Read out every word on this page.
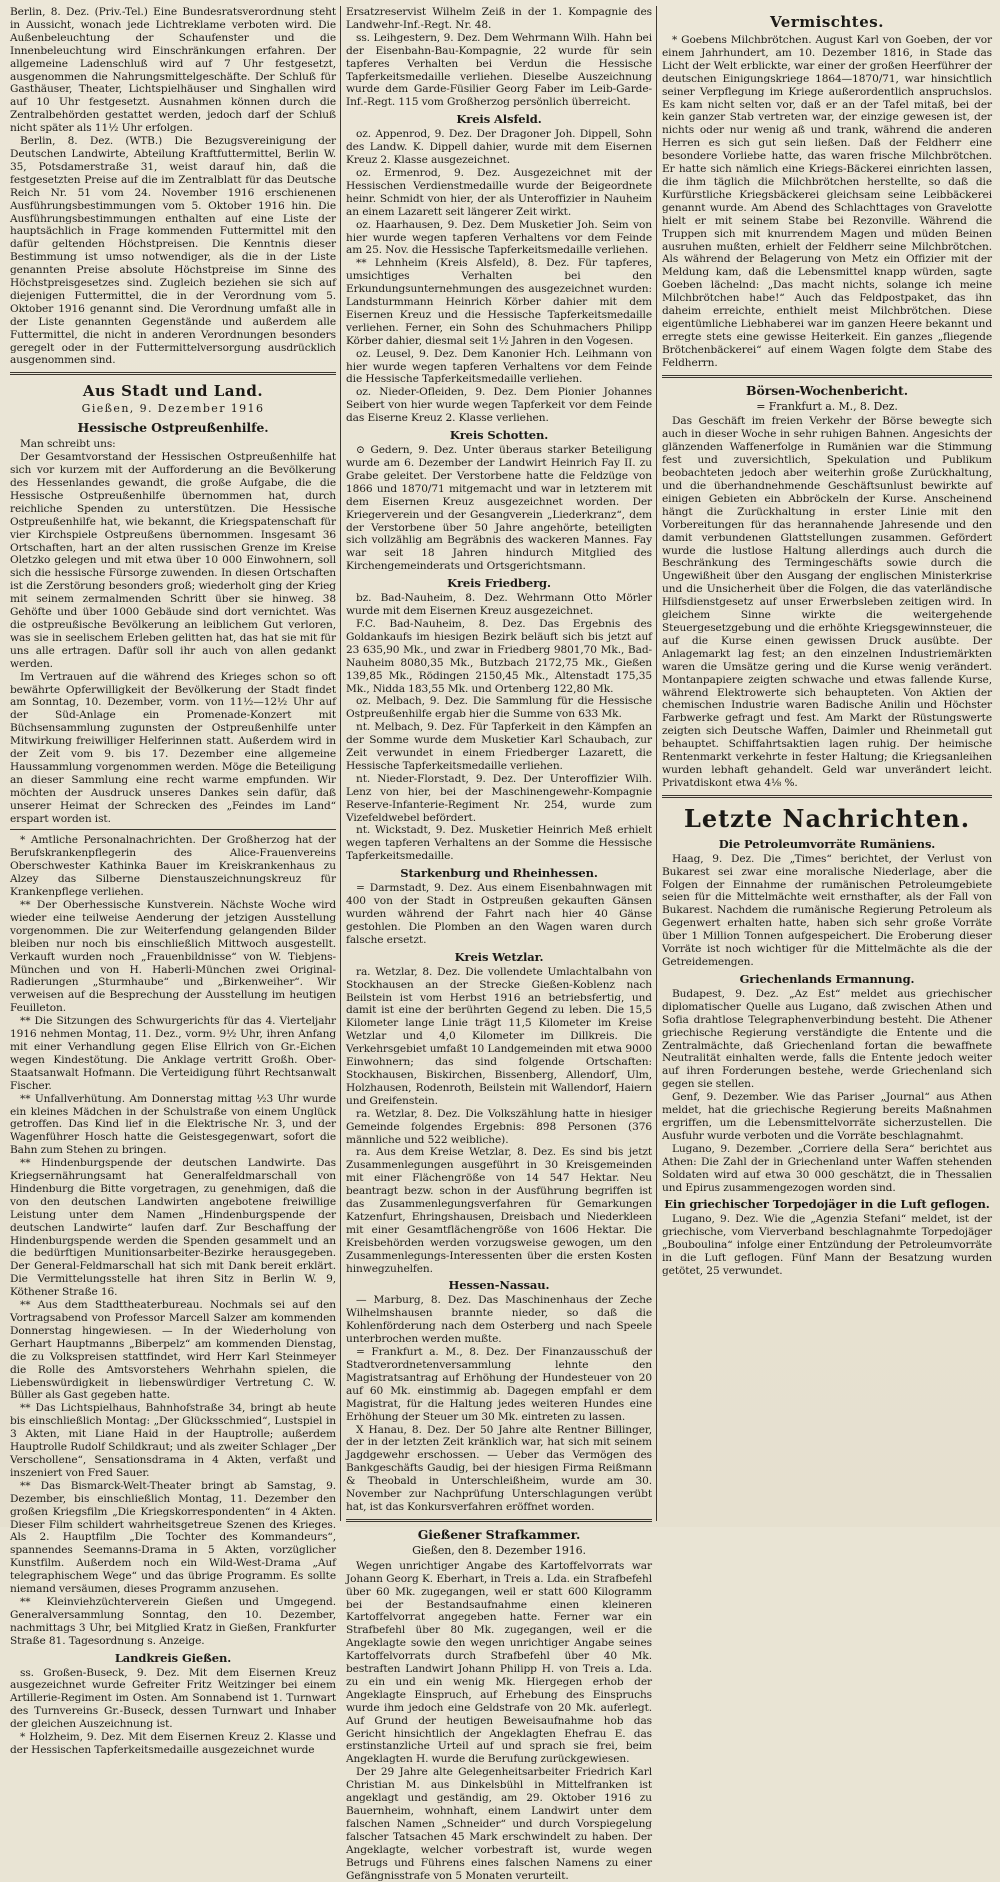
Berlin, 8. Dez. (Priv.-Tel.) Eine Bundesratsverordnung steht in Aussicht, wonach jede Lichtreklame verboten wird. Die Außenbeleuchtung der Schaufenster und die Innenbeleuchtung wird Einschränkungen erfahren. Der allgemeine Ladenschluß wird auf 7 Uhr festgesetzt, ausgenommen die Nahrungsmittelgeschäfte. Der Schluß für Gasthäuser, Theater, Lichtspielhäuser und Singhallen wird auf 10 Uhr festgesetzt. Ausnahmen können durch die Zentralbehörden gestattet werden, jedoch darf der Schluß nicht später als 11½ Uhr erfolgen.

Berlin, 8. Dez. (WTB.) Die Bezugsvereinigung der Deutschen Landwirte, Abteilung Kraftfuttermittel, Berlin W. 35, Potsdamerstraße 31, weist darauf hin, daß die festgesetzten Preise auf die im Zentralblatt für das Deutsche Reich Nr. 51 vom 24. November 1916 erschienenen Ausführungsbestimmungen vom 5. Oktober 1916 hin. Die Ausführungsbestimmungen enthalten auf eine Liste der hauptsächlich in Frage kommenden Futtermittel mit den dafür geltenden Höchstpreisen. Die Kenntnis dieser Bestimmung ist umso notwendiger, als die in der Liste genannten Preise absolute Höchstpreise im Sinne des Höchstpreisgesetzes sind. Zugleich beziehen sie sich auf diejenigen Futtermittel, die in der Verordnung vom 5. Oktober 1916 genannt sind. Die Verordnung umfaßt alle in der Liste genannten Gegenstände und außerdem alle Futtermittel, die nicht in anderen Verordnungen besonders geregelt oder in der Futtermittelversorgung ausdrücklich ausgenommen sind.

Aus Stadt und Land.
Gießen, 9. Dezember 1916
Hessische Ostpreußenhilfe.

Man schreibt uns:

Der Gesamtvorstand der Hessischen Ostpreußenhilfe hat sich vor kurzem mit der Aufforderung an die Bevölkerung des Hessenlandes gewandt, die große Aufgabe, die die Hessische Ostpreußenhilfe übernommen hat, durch reichliche Spenden zu unterstützen. Die Hessische Ostpreußenhilfe hat, wie bekannt, die Kriegspatenschaft für vier Kirchspiele Ostpreußens übernommen. Insgesamt 36 Ortschaften, hart an der alten russischen Grenze im Kreise Oletzko gelegen und mit etwa über 10 000 Einwohnern, soll sich die hessische Fürsorge zuwenden. In diesen Ortschaften ist die Zerstörung besonders groß; wiederholt ging der Krieg mit seinem zermalmenden Schritt über sie hinweg. 38 Gehöfte und über 1000 Gebäude sind dort vernichtet. Was die ostpreußische Bevölkerung an leiblichem Gut verloren, was sie in seelischem Erleben gelitten hat, das hat sie mit für uns alle ertragen. Dafür soll ihr auch von allen gedankt werden.

Im Vertrauen auf die während des Krieges schon so oft bewährte Opferwilligkeit der Bevölkerung der Stadt findet am Sonntag, 10. Dezember, vorm. von 11½—12½ Uhr auf der Süd-Anlage ein Promenade-Konzert mit Büchsensammlung zugunsten der Ostpreußenhilfe unter Mitwirkung freiwilliger Helferinnen statt. Außerdem wird in der Zeit vom 9. bis 17. Dezember eine allgemeine Haussammlung vorgenommen werden. Möge die Beteiligung an dieser Sammlung eine recht warme empfunden. Wir möchten der Ausdruck unseres Dankes sein dafür, daß unserer Heimat der Schrecken des „Feindes im Land“ erspart worden ist.

* Amtliche Personalnachrichten. Der Großherzog hat der Berufskrankenpflegerin des Alice-Frauenvereins Oberschwester Kathinka Bauer im Kreiskrankenhaus zu Alzey das Silberne Dienstauszeichnungskreuz für Krankenpflege verliehen.

** Der Oberhessische Kunstverein. Nächste Woche wird wieder eine teilweise Aenderung der jetzigen Ausstellung vorgenommen. Die zur Weiterfendung gelangenden Bilder bleiben nur noch bis einschließlich Mittwoch ausgestellt. Verkauft wurden noch „Frauenbildnisse“ von W. Tiebjens-München und von H. Haberli-München zwei Original-Radierungen „Sturmhaube“ und „Birkenweiher“. Wir verweisen auf die Besprechung der Ausstellung im heutigen Feuilleton.

** Die Sitzungen des Schwurgerichts für das 4. Vierteljahr 1916 nehmen Montag, 11. Dez., vorm. 9½ Uhr, ihren Anfang mit einer Verhandlung gegen Elise Ellrich von Gr.-Eichen wegen Kindestötung. Die Anklage vertritt Großh. Ober-Staatsanwalt Hofmann. Die Verteidigung führt Rechtsanwalt Fischer.

** Unfallverhütung. Am Donnerstag mittag ½3 Uhr wurde ein kleines Mädchen in der Schulstraße von einem Unglück getroffen. Das Kind lief in die Elektrische Nr. 3, und der Wagenführer Hosch hatte die Geistesgegenwart, sofort die Bahn zum Stehen zu bringen.

** Hindenburgspende der deutschen Landwirte. Das Kriegsernährungsamt hat Generalfeldmarschall von Hindenburg die Bitte vorgetragen, zu genehmigen, daß die von den deutschen Landwirten angebotene freiwillige Leistung unter dem Namen „Hindenburgspende der deutschen Landwirte“ laufen darf. Zur Beschaffung der Hindenburgspende werden die Spenden gesammelt und an die bedürftigen Munitionsarbeiter-Bezirke herausgegeben. Der General-Feldmarschall hat sich mit Dank bereit erklärt. Die Vermittelungsstelle hat ihren Sitz in Berlin W. 9, Köthener Straße 16.

** Aus dem Stadttheaterbureau. Nochmals sei auf den Vortragsabend von Professor Marcell Salzer am kommenden Donnerstag hingewiesen. — In der Wiederholung von Gerhart Hauptmanns „Biberpelz“ am kommenden Dienstag, die zu Volkspreisen stattfindet, wird Herr Karl Steinmeyer die Rolle des Amtsvorstehers Wehrhahn spielen, die Liebenswürdigkeit in liebenswürdiger Vertretung C. W. Büller als Gast gegeben hatte.

** Das Lichtspielhaus, Bahnhofstraße 34, bringt ab heute bis einschließlich Montag: „Der Glücksschmied“, Lustspiel in 3 Akten, mit Liane Haid in der Hauptrolle; außerdem Hauptrolle Rudolf Schildkraut; und als zweiter Schlager „Der Verschollene“, Sensationsdrama in 4 Akten, verfaßt und inszeniert von Fred Sauer.

** Das Bismarck-Welt-Theater bringt ab Samstag, 9. Dezember, bis einschließlich Montag, 11. Dezember den großen Kriegsfilm „Die Kriegskorrespondenten“ in 4 Akten. Dieser Film schildert wahrheitsgetreue Szenen des Krieges. Als 2. Hauptfilm „Die Tochter des Kommandeurs“, spannendes Seemanns-Drama in 5 Akten, vorzüglicher Kunstfilm. Außerdem noch ein Wild-West-Drama „Auf telegraphischem Wege“ und das übrige Programm. Es sollte niemand versäumen, dieses Programm anzusehen.

** Kleinviehzüchterverein Gießen und Umgegend. Generalversammlung Sonntag, den 10. Dezember, nachmittags 3 Uhr, bei Mitglied Kratz in Gießen, Frankfurter Straße 81. Tagesordnung s. Anzeige.

Landkreis Gießen.

ss. Großen-Buseck, 9. Dez. Mit dem Eisernen Kreuz ausgezeichnet wurde Gefreiter Fritz Weitzinger bei einem Artillerie-Regiment im Osten. Am Sonnabend ist 1. Turnwart des Turnvereins Gr.-Buseck, dessen Turnwart und Inhaber der gleichen Auszeichnung ist.

* Holzheim, 9. Dez. Mit dem Eisernen Kreuz 2. Klasse und der Hessischen Tapferkeitsmedaille ausgezeichnet wurde

Ersatzreservist Wilhelm Zeiß in der 1. Kompagnie des Landwehr-Inf.-Regt. Nr. 48.

ss. Leihgestern, 9. Dez. Dem Wehrmann Wilh. Hahn bei der Eisenbahn-Bau-Kompagnie, 22 wurde für sein tapferes Verhalten bei Verdun die Hessische Tapferkeitsmedaille verliehen. Dieselbe Auszeichnung wurde dem Garde-Füsilier Georg Faber im Leib-Garde-Inf.-Regt. 115 vom Großherzog persönlich überreicht.

Kreis Alsfeld.

oz. Appenrod, 9. Dez. Der Dragoner Joh. Dippell, Sohn des Landw. K. Dippell dahier, wurde mit dem Eisernen Kreuz 2. Klasse ausgezeichnet.

oz. Ermenrod, 9. Dez. Ausgezeichnet mit der Hessischen Verdienstmedaille wurde der Beigeordnete heinr. Schmidt von hier, der als Unteroffizier in Nauheim an einem Lazarett seit längerer Zeit wirkt.

oz. Haarhausen, 9. Dez. Dem Musketier Joh. Seim von hier wurde wegen tapferen Verhaltens vor dem Feinde am 25. Nov. die Hessische Tapferkeitsmedaille verliehen.

** Lehnheim (Kreis Alsfeld), 8. Dez. Für tapferes, umsichtiges Verhalten bei den Erkundungsunternehmungen des ausgezeichnet wurden: Landsturmmann Heinrich Körber dahier mit dem Eisernen Kreuz und die Hessische Tapferkeitsmedaille verliehen. Ferner, ein Sohn des Schuhmachers Philipp Körber dahier, diesmal seit 1½ Jahren in den Vogesen.

oz. Leusel, 9. Dez. Dem Kanonier Hch. Leihmann von hier wurde wegen tapferen Verhaltens vor dem Feinde die Hessische Tapferkeitsmedaille verliehen.

oz. Nieder-Ofleiden, 9. Dez. Dem Pionier Johannes Seibert von hier wurde wegen Tapferkeit vor dem Feinde das Eiserne Kreuz 2. Klasse verliehen.

Kreis Schotten.

⊙ Gedern, 9. Dez. Unter überaus starker Beteiligung wurde am 6. Dezember der Landwirt Heinrich Fay II. zu Grabe geleitet. Der Verstorbene hatte die Feldzüge von 1866 und 1870/71 mitgemacht und war in letzterem mit dem Eisernen Kreuz ausgezeichnet worden. Der Kriegerverein und der Gesangverein „Liederkranz“, dem der Verstorbene über 50 Jahre angehörte, beteiligten sich vollzählig am Begräbnis des wackeren Mannes. Fay war seit 18 Jahren hindurch Mitglied des Kirchengemeinderats und Ortsgerichtsmann.

Kreis Friedberg.

bz. Bad-Nauheim, 8. Dez. Wehrmann Otto Mörler wurde mit dem Eisernen Kreuz ausgezeichnet.

F.C. Bad-Nauheim, 8. Dez. Das Ergebnis des Goldankaufs im hiesigen Bezirk beläuft sich bis jetzt auf 23 635,90 Mk., und zwar in Friedberg 9801,70 Mk., Bad-Nauheim 8080,35 Mk., Butzbach 2172,75 Mk., Gießen 139,85 Mk., Rödingen 2150,45 Mk., Altenstadt 175,35 Mk., Nidda 183,55 Mk. und Ortenberg 122,80 Mk.

oz. Melbach, 9. Dez. Die Sammlung für die Hessische Ostpreußenhilfe ergab hier die Summe von 633 Mk.

nt. Melbach, 9. Dez. Für Tapferkeit in den Kämpfen an der Somme wurde dem Musketier Karl Schaubach, zur Zeit verwundet in einem Friedberger Lazarett, die Hessische Tapferkeitsmedaille verliehen.

nt. Nieder-Florstadt, 9. Dez. Der Unteroffizier Wilh. Lenz von hier, bei der Maschinengewehr-Kompagnie Reserve-Infanterie-Regiment Nr. 254, wurde zum Vizefeldwebel befördert.

nt. Wickstadt, 9. Dez. Musketier Heinrich Meß erhielt wegen tapferen Verhaltens an der Somme die Hessische Tapferkeitsmedaille.

Starkenburg und Rheinhessen.

= Darmstadt, 9. Dez. Aus einem Eisenbahnwagen mit 400 von der Stadt in Ostpreußen gekauften Gänsen wurden während der Fahrt nach hier 40 Gänse gestohlen. Die Plomben an den Wagen waren durch falsche ersetzt.

Kreis Wetzlar.

ra. Wetzlar, 8. Dez. Die vollendete Umlachtalbahn von Stockhausen an der Strecke Gießen-Koblenz nach Beilstein ist vom Herbst 1916 an betriebsfertig, und damit ist eine der berührten Gegend zu leben. Die 15,5 Kilometer lange Linie trägt 11,5 Kilometer im Kreise Wetzlar und 4,0 Kilometer im Dillkreis. Die Verkehrsgebiet umfaßt 10 Landgemeinden mit etwa 9000 Einwohnern; das sind folgende Ortschaften: Stockhausen, Biskirchen, Bissenberg, Allendorf, Ulm, Holzhausen, Rodenroth, Beilstein mit Wallendorf, Haiern und Greifenstein.

ra. Wetzlar, 8. Dez. Die Volkszählung hatte in hiesiger Gemeinde folgendes Ergebnis: 898 Personen (376 männliche und 522 weibliche).

ra. Aus dem Kreise Wetzlar, 8. Dez. Es sind bis jetzt Zusammenlegungen ausgeführt in 30 Kreisgemeinden mit einer Flächengröße von 14 547 Hektar. Neu beantragt bezw. schon in der Ausführung begriffen ist das Zusammenlegungsverfahren für Gemarkungen Katzenfurt, Ehringshausen, Dreisbach und Niederkleen mit einer Gesamtflächengröße von 1606 Hektar. Die Kreisbehörden werden vorzugsweise gewogen, um den Zusammenlegungs-Interessenten über die ersten Kosten hinwegzuhelfen.

Hessen-Nassau.

— Marburg, 8. Dez. Das Maschinenhaus der Zeche Wilhelmshausen brannte nieder, so daß die Kohlenförderung nach dem Osterberg und nach Speele unterbrochen werden mußte.

= Frankfurt a. M., 8. Dez. Der Finanzausschuß der Stadtverordnetenversammlung lehnte den Magistratsantrag auf Erhöhung der Hundesteuer von 20 auf 60 Mk. einstimmig ab. Dagegen empfahl er dem Magistrat, für die Haltung jedes weiteren Hundes eine Erhöhung der Steuer um 30 Mk. eintreten zu lassen.

X Hanau, 8. Dez. Der 50 Jahre alte Rentner Billinger, der in der letzten Zeit kränklich war, hat sich mit seinem Jagdgewehr erschossen. — Ueber das Vermögen des Bankgeschäfts Gaudig, bei der hiesigen Firma Reißmann & Theobald in Unterschleißheim, wurde am 30. November zur Nachprüfung Unterschlagungen verübt hat, ist das Konkursverfahren eröffnet worden.

Gießener Strafkammer.
Gießen, den 8. Dezember 1916.

Wegen unrichtiger Angabe des Kartoffelvorrats war Johann Georg K. Eberhart, in Treis a. Lda. ein Strafbefehl über 60 Mk. zugegangen, weil er statt 600 Kilogramm bei der Bestandsaufnahme einen kleineren Kartoffelvorrat angegeben hatte. Ferner war ein Strafbefehl über 80 Mk. zugegangen, weil er die Angeklagte sowie den wegen unrichtiger Angabe seines Kartoffelvorrats durch Strafbefehl über 40 Mk. bestraften Landwirt Johann Philipp H. von Treis a. Lda. zu ein und ein wenig Mk. Hiergegen erhob der Angeklagte Einspruch, auf Erhebung des Einspruchs wurde ihm jedoch eine Geldstrafe von 20 Mk. auferlegt. Auf Grund der heutigen Beweisaufnahme hob das Gericht hinsichtlich der Angeklagten Ehefrau E. das erstinstanzliche Urteil auf und sprach sie frei, beim Angeklagten H. wurde die Berufung zurückgewiesen.

Der 29 Jahre alte Gelegenheitsarbeiter Friedrich Karl Christian M. aus Dinkelsbühl in Mittelfranken ist angeklagt und geständig, am 29. Oktober 1916 zu Bauernheim, wohnhaft, einem Landwirt unter dem falschen Namen „Schneider“ und durch Vorspiegelung falscher Tatsachen 45 Mark erschwindelt zu haben. Der Angeklagte, welcher vorbestraft ist, wurde wegen Betrugs und Führens eines falschen Namens zu einer Gefängnisstrafe von 5 Monaten verurteilt.

Vermischtes.

* Goebens Milchbrötchen. August Karl von Goeben, der vor einem Jahrhundert, am 10. Dezember 1816, in Stade das Licht der Welt erblickte, war einer der großen Heerführer der deutschen Einigungskriege 1864—1870/71, war hinsichtlich seiner Verpflegung im Kriege außerordentlich anspruchslos. Es kam nicht selten vor, daß er an der Tafel mitaß, bei der kein ganzer Stab vertreten war, der einzige gewesen ist, der nichts oder nur wenig aß und trank, während die anderen Herren es sich gut sein ließen. Daß der Feldherr eine besondere Vorliebe hatte, das waren frische Milchbrötchen. Er hatte sich nämlich eine Kriegs-Bäckerei einrichten lassen, die ihm täglich die Milchbrötchen herstellte, so daß die Kurfürstliche Kriegsbäckerei gleichsam seine Leibbäckerei genannt wurde. Am Abend des Schlachttages von Gravelotte hielt er mit seinem Stabe bei Rezonville. Während die Truppen sich mit knurrendem Magen und müden Beinen ausruhen mußten, erhielt der Feldherr seine Milchbrötchen. Als während der Belagerung von Metz ein Offizier mit der Meldung kam, daß die Lebensmittel knapp würden, sagte Goeben lächelnd: „Das macht nichts, solange ich meine Milchbrötchen habe!“ Auch das Feldpostpaket, das ihn daheim erreichte, enthielt meist Milchbrötchen. Diese eigentümliche Liebhaberei war im ganzen Heere bekannt und erregte stets eine gewisse Heiterkeit. Ein ganzes „fliegende Brötchenbäckerei“ auf einem Wagen folgte dem Stabe des Feldherrn.

Börsen-Wochenbericht.
= Frankfurt a. M., 8. Dez.

Das Geschäft im freien Verkehr der Börse bewegte sich auch in dieser Woche in sehr ruhigen Bahnen. Angesichts der glänzenden Waffenerfolge in Rumänien war die Stimmung fest und zuversichtlich, Spekulation und Publikum beobachteten jedoch aber weiterhin große Zurückhaltung, und die überhandnehmende Geschäftsunlust bewirkte auf einigen Gebieten ein Abbröckeln der Kurse. Anscheinend hängt die Zurückhaltung in erster Linie mit den Vorbereitungen für das herannahende Jahresende und den damit verbundenen Glattstellungen zusammen. Gefördert wurde die lustlose Haltung allerdings auch durch die Beschränkung des Termingeschäfts sowie durch die Ungewißheit über den Ausgang der englischen Ministerkrise und die Unsicherheit über die Folgen, die das vaterländische Hilfsdienstgesetz auf unser Erwerbsleben zeitigen wird. In gleichem Sinne wirkte die weitergehende Steuergesetzgebung und die erhöhte Kriegsgewinnsteuer, die auf die Kurse einen gewissen Druck ausübte. Der Anlagemarkt lag fest; an den einzelnen Industriemärkten waren die Umsätze gering und die Kurse wenig verändert. Montanpapiere zeigten schwache und etwas fallende Kurse, während Elektrowerte sich behaupteten. Von Aktien der chemischen Industrie waren Badische Anilin und Höchster Farbwerke gefragt und fest. Am Markt der Rüstungswerte zeigten sich Deutsche Waffen, Daimler und Rheinmetall gut behauptet. Schiffahrtsaktien lagen ruhig. Der heimische Rentenmarkt verkehrte in fester Haltung; die Kriegsanleihen wurden lebhaft gehandelt. Geld war unverändert leicht. Privatdiskont etwa 4⅛ %.

Letzte Nachrichten.
Die Petroleumvorräte Rumäniens.

Haag, 9. Dez. Die „Times“ berichtet, der Verlust von Bukarest sei zwar eine moralische Niederlage, aber die Folgen der Einnahme der rumänischen Petroleumgebiete seien für die Mittelmächte weit ernsthafter, als der Fall von Bukarest. Nachdem die rumänische Regierung Petroleum als Gegenwert erhalten hatte, haben sich sehr große Vorräte über 1 Million Tonnen aufgespeichert. Die Eroberung dieser Vorräte ist noch wichtiger für die Mittelmächte als die der Getreidemengen.

Griechenlands Ermannung.

Budapest, 9. Dez. „Az Est“ meldet aus griechischer diplomatischer Quelle aus Lugano, daß zwischen Athen und Sofia drahtlose Telegraphenverbindung besteht. Die Athener griechische Regierung verständigte die Entente und die Zentralmächte, daß Griechenland fortan die bewaffnete Neutralität einhalten werde, falls die Entente jedoch weiter auf ihren Forderungen bestehe, werde Griechenland sich gegen sie stellen.

Genf, 9. Dezember. Wie das Pariser „Journal“ aus Athen meldet, hat die griechische Regierung bereits Maßnahmen ergriffen, um die Lebensmittelvorräte sicherzustellen. Die Ausfuhr wurde verboten und die Vorräte beschlagnahmt.

Lugano, 9. Dezember. „Corriere della Sera“ berichtet aus Athen: Die Zahl der in Griechenland unter Waffen stehenden Soldaten wird auf etwa 30 000 geschätzt, die in Thessalien und Epirus zusammengezogen worden sind.

Ein griechischer Torpedojäger in die Luft geflogen.

Lugano, 9. Dez. Wie die „Agenzia Stefani“ meldet, ist der griechische, vom Vierverband beschlagnahmte Torpedojäger „Bouboulina“ infolge einer Entzündung der Petroleumvorräte in die Luft geflogen. Fünf Mann der Besatzung wurden getötet, 25 verwundet.
